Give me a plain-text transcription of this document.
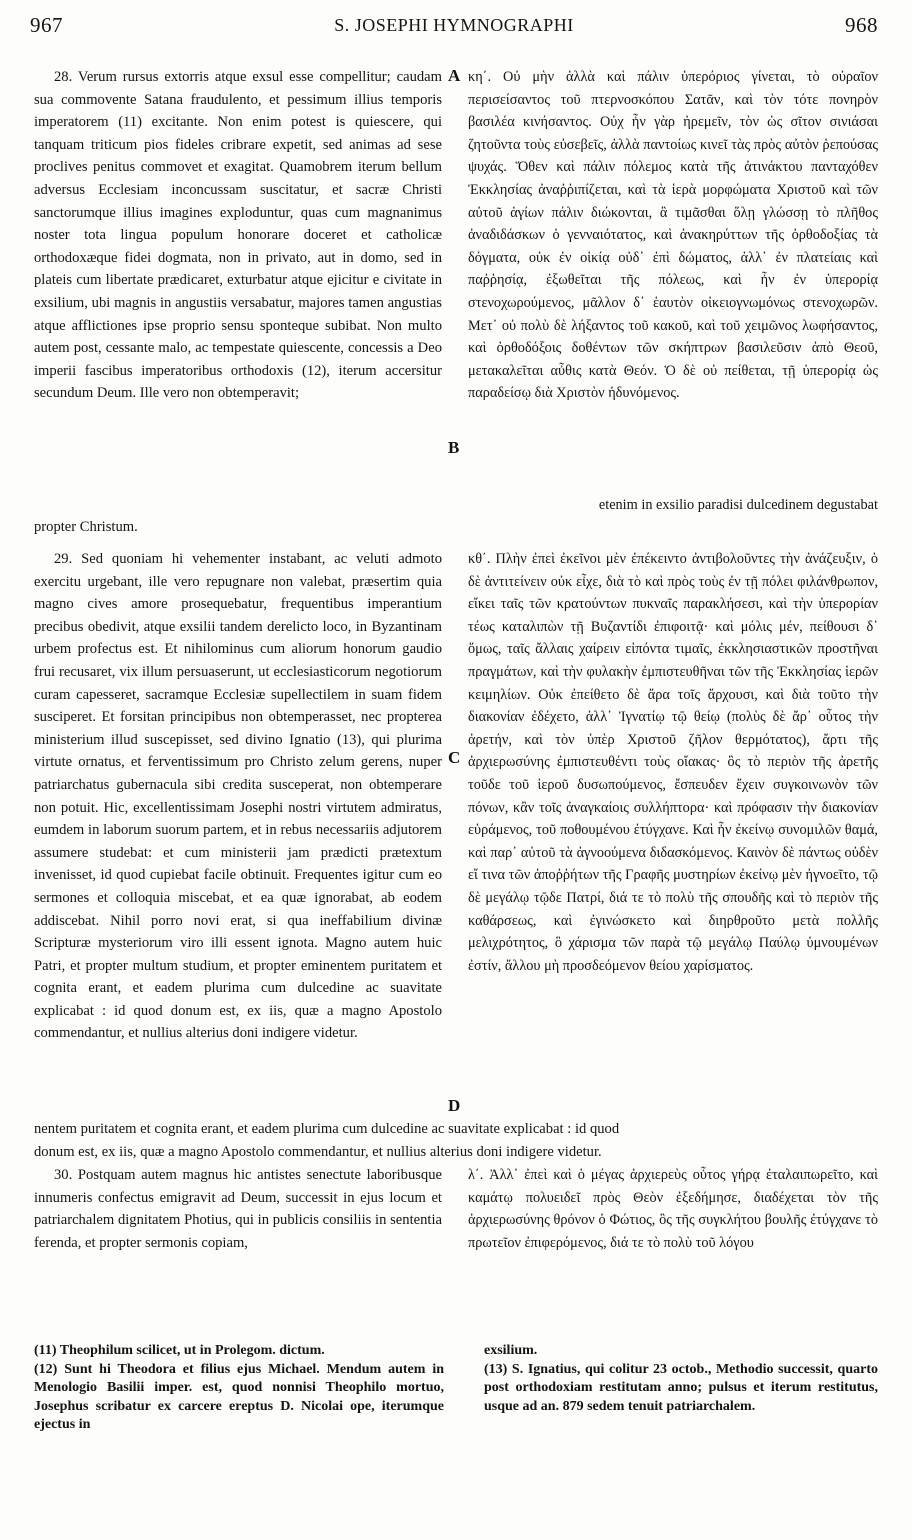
967	S. JOSEPHI HYMNOGRAPHI	968

28. Verum rursus extorris atque exsul esse compellitur; caudam sua commovente Satana fraudulento, et pessimum illius temporis imperatorem (11) excitante. Non enim potest is quiescere, qui tanquam triticum pios fideles cribrare expetit, sed animas ad sese proclives penitus commovet et exagitat. Quamobrem iterum bellum adversus Ecclesiam inconcussam suscitatur, et sacræ Christi sanctorumque illius imagines exploduntur, quas cum magnanimus noster tota lingua populum honorare doceret et catholicæ orthodoxæque fidei dogmata, non in privato, aut in domo, sed in plateis cum libertate prædicaret, exturbatur atque ejicitur e civitate in exsilium, ubi magnis in angustiis versabatur, majores tamen angustias atque afflictiones ipse proprio sensu sponteque subibat. Non multo autem post, cessante malo, ac tempestate quiescente, concessis a Deo imperii fascibus imperatoribus orthodoxis (12), iterum accersitur secundum Deum. Ille vero non obtemperavit;

κη΄. Οὐ μὴν ἀλλὰ καὶ πάλιν ὑπερόριος γίνεται, τὸ οὐραῖον περισείσαντος τοῦ πτερνοσκόπου Σατᾶν, καὶ τὸν τότε πονηρὸν βασιλέα κινήσαντος. Οὐχ ἦν γὰρ ἠρεμεῖν, τὸν ὡς σῖτον σινιάσαι ζητοῦντα τοὺς εὐσεβεῖς, ἀλλὰ παντοίως κινεῖ τὰς πρὸς αὐτὸν ῥεπούσας ψυχάς. Ὅθεν καὶ πάλιν πόλεμος κατὰ τῆς ἀτινάκτου πανταχόθεν Ἐκκλησίας ἀναῤῥιπίζεται, καὶ τὰ ἱερὰ μορφώματα Χριστοῦ καὶ τῶν αὐτοῦ ἁγίων πάλιν διώκονται, ἃ τιμᾶσθαι ὅλῃ γλώσσῃ τὸ πλῆθος ἀναδιδάσκων ὁ γενναιότατος, καὶ ἀνακηρύττων τῆς ὀρθοδοξίας τὰ δόγματα, οὐκ ἐν οἰκίᾳ οὐδ᾽ ἐπὶ δώματος, ἀλλ᾽ ἐν πλατείαις καὶ παῤῥησίᾳ, ἐξωθεῖται τῆς πόλεως, καὶ ἦν ἐν ὑπερορίᾳ στενοχωρούμενος, μᾶλλον δ᾽ ἑαυτὸν οἰκειογνωμόνως στενοχωρῶν. Μετ᾽ οὐ πολὺ δὲ λήξαντος τοῦ κακοῦ, καὶ τοῦ χειμῶνος λωφήσαντος, καὶ ὀρθοδόξοις δοθέντων τῶν σκήπτρων βασιλεῦσιν ἀπὸ Θεοῦ, μετακαλεῖται αὖθις κατὰ Θεόν. Ὁ δὲ οὐ πείθεται, τῇ ὑπερορίᾳ ὡς παραδείσῳ διὰ Χριστὸν ἡδυνόμενος.

propter Christum.

etenim in exsilio paradisi dulcedinem degustabat

29. Sed quoniam hi vehementer instabant, ac veluti admoto exercitu urgebant, ille vero repugnare non valebat, præsertim quia magno cives amore prosequebatur, frequentibus imperantium precibus obedivit, atque exsilii tandem derelicto loco, in Byzantinam urbem profectus est. Et nihilominus cum aliorum honorum gaudio frui recusaret, vix illum persuaserunt, ut ecclesiasticorum negotiorum curam capesseret, sacramque Ecclesiæ supellectilem in suam fidem susciperet. Et forsitan principibus non obtemperasset, nec propterea ministerium illud suscepisset, sed divino Ignatio (13), qui plurima virtute ornatus, et ferventissimum pro Christo zelum gerens, nuper patriarchatus gubernacula sibi credita susceperat, non obtemperare non potuit. Hic, excellentissimam Josephi nostri virtutem admiratus, eumdem in laborum suorum partem, et in rebus necessariis adjutorem assumere studebat: et cum ministerii jam prædicti prætextum invenisset, id quod cupiebat facile obtinuit. Frequentes igitur cum eo sermones et colloquia miscebat, et ea quæ ignorabat, ab eodem addiscebat. Nihil porro novi erat, si qua ineffabilium divinæ Scripturæ mysteriorum viro illi essent ignota. Magno autem huic Patri, et propter multum studium, et propter eminentem puritatem et cognita erant, et eadem plurima cum dulcedine ac suavitate explicabat : id quod donum est, ex iis, quæ a magno Apostolo commendantur, et nullius alterius doni indigere videtur.

κθ΄. Πλὴν ἐπεὶ ἐκεῖνοι μὲν ἐπέκειντο ἀντιβολοῦντες τὴν ἀνάζευξιν, ὁ δὲ ἀντιτείνειν οὐκ εἶχε, διὰ τὸ καὶ πρὸς τοὺς ἐν τῇ πόλει φιλάνθρωπον, εἴκει ταῖς τῶν κρατούντων πυκναῖς παρακλήσεσι, καὶ τὴν ὑπερορίαν τέως καταλιπὼν τῇ Βυζαντίδι ἐπιφοιτᾷ· καὶ μόλις μέν, πείθουσι δ᾽ ὅμως, ταῖς ἄλλαις χαίρειν εἰπόντα τιμαῖς, ἐκκλησιαστικῶν προστῆναι πραγμάτων, καὶ τὴν φυλακὴν ἐμπιστευθῆναι τῶν τῆς Ἐκκλησίας ἱερῶν κειμηλίων. Οὐκ ἐπείθετο δὲ ἄρα τοῖς ἄρχουσι, καὶ διὰ τοῦτο τὴν διακονίαν ἐδέχετο, ἀλλ᾽ Ἰγνατίῳ τῷ θείῳ (πολὺς δὲ ἄρ᾽ οὗτος τὴν ἀρετήν, καὶ τὸν ὑπὲρ Χριστοῦ ζῆλον θερμότατος), ἄρτι τῆς ἀρχιερωσύνης ἐμπιστευθέντι τοὺς οἴακας· ὃς τὸ περιὸν τῆς ἀρετῆς τοῦδε τοῦ ἱεροῦ δυσωπούμενος, ἔσπευδεν ἔχειν συγκοινωνὸν τῶν πόνων, κἂν τοῖς ἀναγκαίοις συλλήπτορα· καὶ πρόφασιν τὴν διακονίαν εὑράμενος, τοῦ ποθουμένου ἐτύγχανε. Καὶ ἦν ἐκείνῳ συνομιλῶν θαμά, καὶ παρ᾽ αὐτοῦ τὰ ἀγνοούμενα διδασκόμενος. Καινὸν δὲ πάντως οὐδὲν εἴ τινα τῶν ἀποῤῥήτων τῆς Γραφῆς μυστηρίων ἐκείνῳ μὲν ἠγνοεῖτο, τῷ δὲ μεγάλῳ τῷδε Πατρί, διά τε τὸ πολὺ τῆς σπουδῆς καὶ τὸ περιὸν τῆς καθάρσεως, καὶ ἐγινώσκετο καὶ διηρθροῦτο μετὰ πολλῆς μελιχρότητος, ὃ χάρισμα τῶν παρὰ τῷ μεγάλῳ Παύλῳ ὑμνουμένων ἐστίν, ἄλλου μὴ προσδεόμενον θείου χαρίσματος.

nentem puritatem et cognita erant, et eadem plurima cum dulcedine ac suavitate explicabat : id quod

donum est, ex iis, quæ a magno Apostolo commendantur, et nullius alterius doni indigere videtur.

30. Postquam autem magnus hic antistes senectute laboribusque innumeris confectus emigravit ad Deum, successit in ejus locum et patriarchalem dignitatem Photius, qui in publicis consiliis in sententia ferenda, et propter sermonis copiam,

λ΄. Ἀλλ᾽ ἐπεὶ καὶ ὁ μέγας ἀρχιερεὺς οὗτος γήρᾳ ἐταλαιπωρεῖτο, καὶ καμάτῳ πολυειδεῖ πρὸς Θεὸν ἐξεδήμησε, διαδέχεται τὸν τῆς ἀρχιερωσύνης θρόνον ὁ Φώτιος, ὃς τῆς συγκλήτου βουλῆς ἐτύγχανε τὸ πρωτεῖον ἐπιφερόμενος, διά τε τὸ πολὺ τοῦ λόγου

A
B
C
D

(11) Theophilum scilicet, ut in Prolegom. dictum.

(12) Sunt hi Theodora et filius ejus Michael. Mendum autem in Menologio Basilii imper. est, quod nonnisi Theophilo mortuo, Josephus scribatur ex carcere ereptus D. Nicolai ope, iterumque ejectus in

exsilium.

(13) S. Ignatius, qui colitur 23 octob., Methodio successit, quarto post orthodoxiam restitutam anno; pulsus et iterum restitutus, usque ad an. 879 sedem tenuit patriarchalem.
